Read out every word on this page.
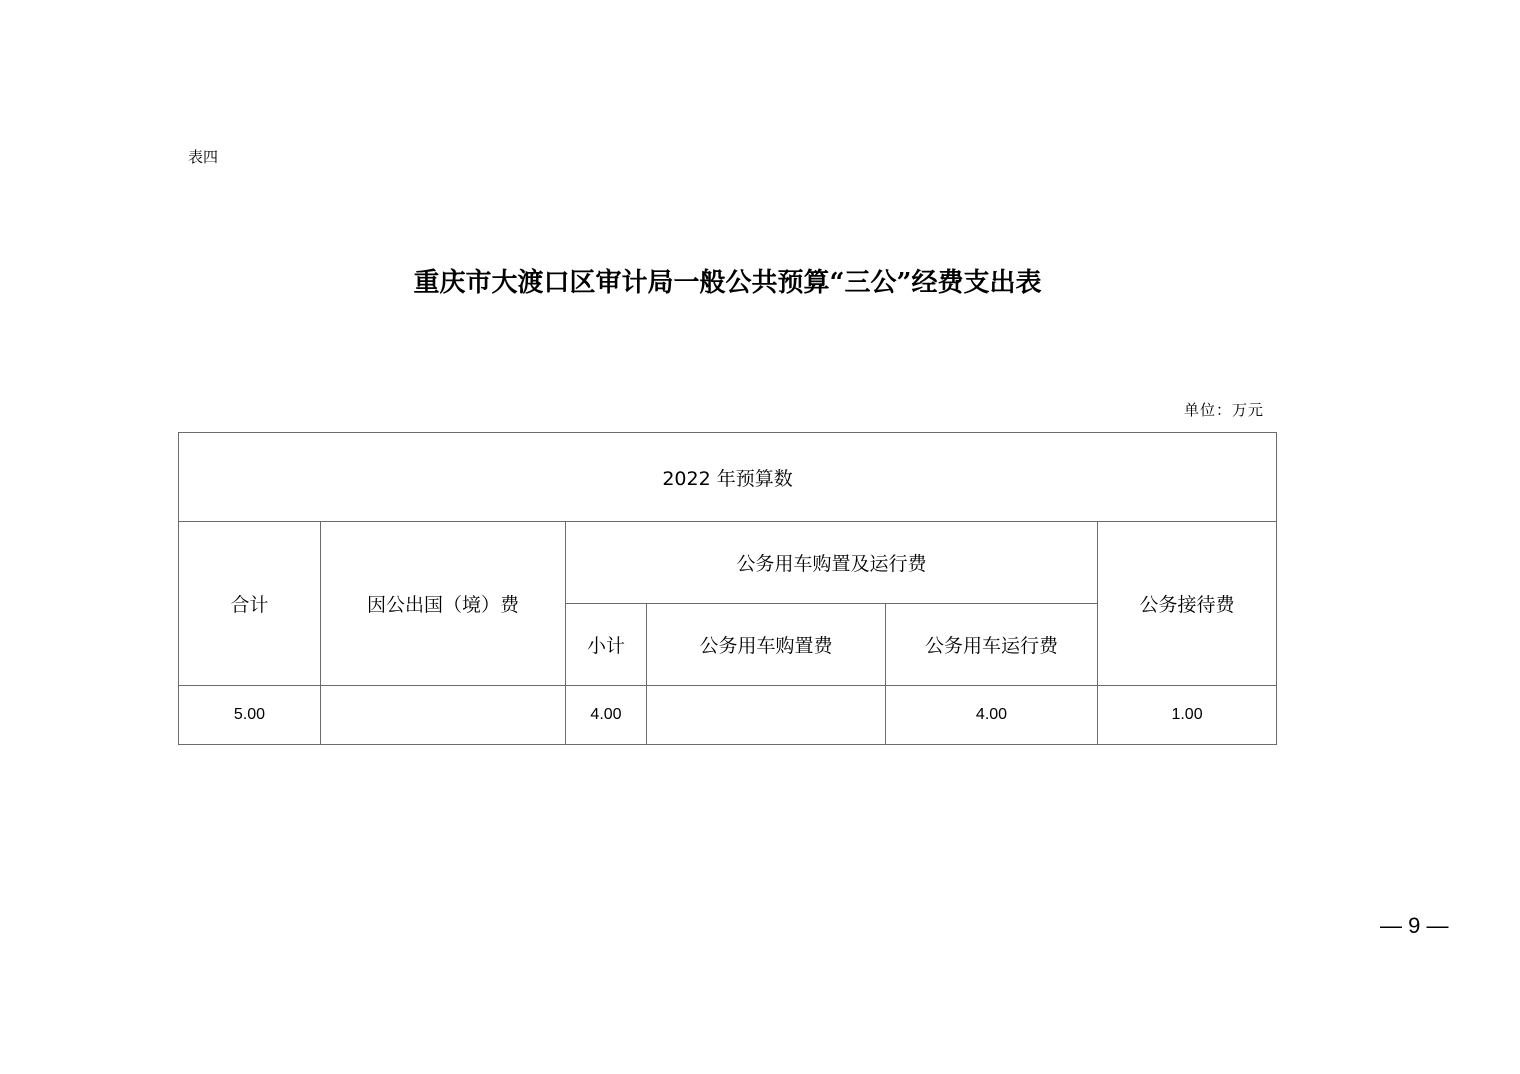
表四
重庆市大渡口区审计局一般公共预算“三公”经费支出表
单位：万元
2022 年预算数					
合计	因公出国（境）费	公务用车购置及运行费			公务接待费
		小计	公务用车购置费	公务用车运行费	
5.00		4.00		4.00	1.00
— 9 —
